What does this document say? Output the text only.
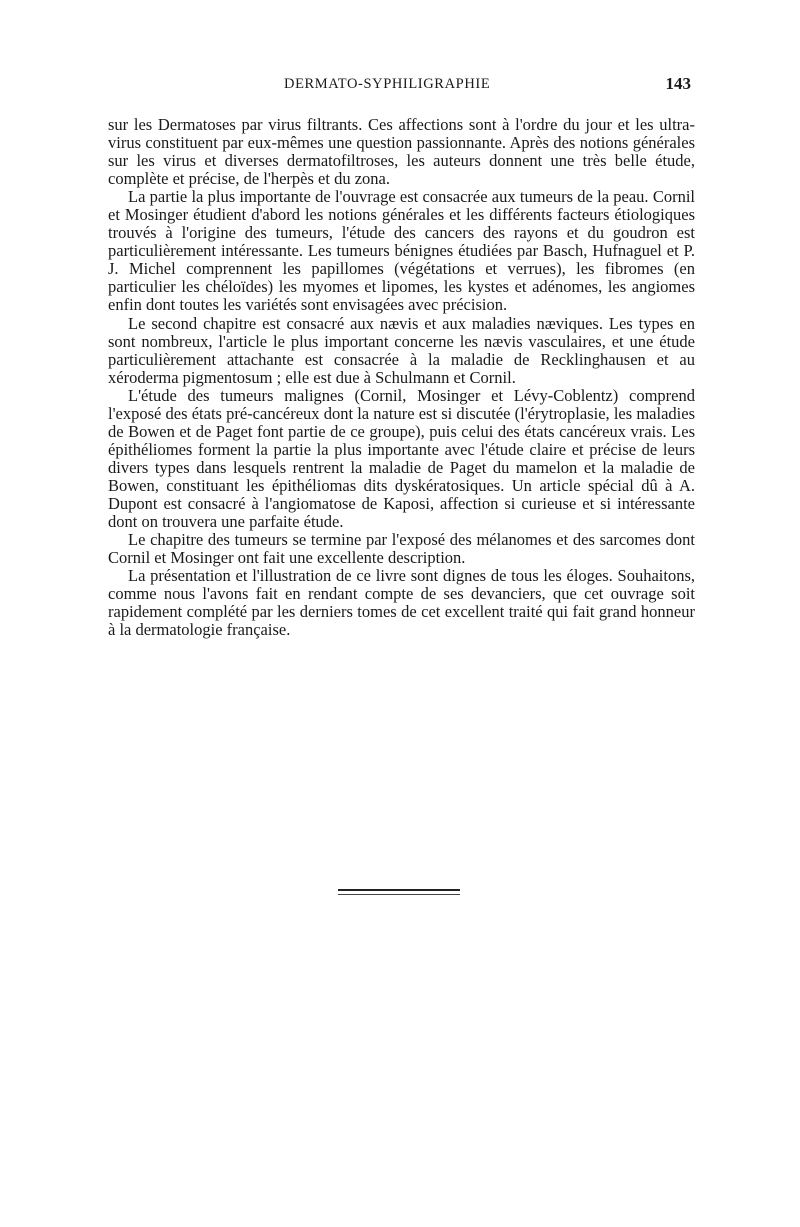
DERMATO-SYPHILIGRAPHIE	143

sur les Dermatoses par virus filtrants. Ces affections sont à l'ordre du jour et les ultra-virus constituent par eux-mêmes une question passionnante. Après des notions générales sur les virus et diverses dermatofiltroses, les auteurs donnent une très belle étude, complète et précise, de l'herpès et du zona.

La partie la plus importante de l'ouvrage est consacrée aux tumeurs de la peau. Cornil et Mosinger étudient d'abord les notions générales et les différents facteurs étiologiques trouvés à l'origine des tumeurs, l'étude des cancers des rayons et du goudron est particulièrement intéressante. Les tumeurs bénignes étudiées par Basch, Hufnaguel et P. J. Michel comprennent les papillomes (végétations et verrues), les fibromes (en particulier les chéloïdes) les myomes et lipomes, les kystes et adénomes, les angiomes enfin dont toutes les variétés sont envisagées avec précision.

Le second chapitre est consacré aux nævis et aux maladies næviques. Les types en sont nombreux, l'article le plus important concerne les nævis vasculaires, et une étude particulièrement attachante est consacrée à la maladie de Recklinghausen et au xéroderma pigmentosum ; elle est due à Schulmann et Cornil.

L'étude des tumeurs malignes (Cornil, Mosinger et Lévy-Coblentz) comprend l'exposé des états pré-cancéreux dont la nature est si discutée (l'érytroplasie, les maladies de Bowen et de Paget font partie de ce groupe), puis celui des états cancéreux vrais. Les épithéliomes forment la partie la plus importante avec l'étude claire et précise de leurs divers types dans lesquels rentrent la maladie de Paget du mamelon et la maladie de Bowen, constituant les épithéliomas dits dyskératosiques. Un article spécial dû à A. Dupont est consacré à l'angiomatose de Kaposi, affection si curieuse et si intéressante dont on trouvera une parfaite étude.

Le chapitre des tumeurs se termine par l'exposé des mélanomes et des sarcomes dont Cornil et Mosinger ont fait une excellente description.

La présentation et l'illustration de ce livre sont dignes de tous les éloges. Souhaitons, comme nous l'avons fait en rendant compte de ses devanciers, que cet ouvrage soit rapidement complété par les derniers tomes de cet excellent traité qui fait grand honneur à la dermatologie française.
